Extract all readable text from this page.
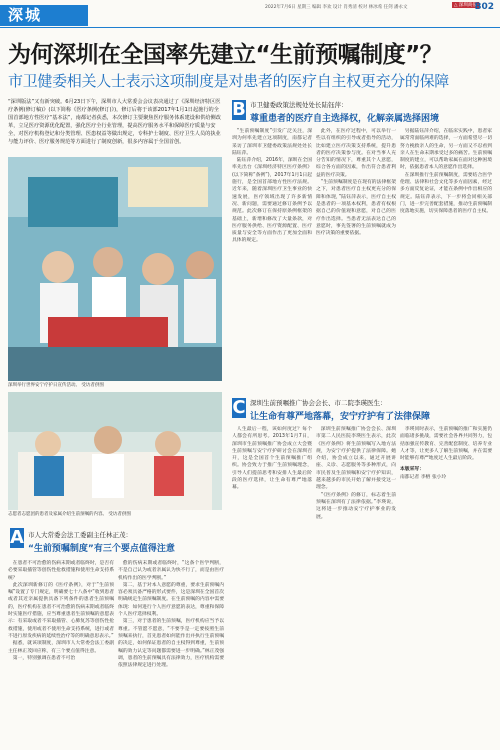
深城	2022年7月6日 星期三 编辑 李欢 设计 肖秀清 校对 林冰希 任剑 潘永文	△ 深圳商报
B02
为何深圳在全国率先建立“生前预嘱制度”？
市卫健委相关人士表示这项制度是对患者的医疗自主权更充分的保障
“深圳版法”又有新突破。6月23日下午，深圳市人大常委会会议表决通过了《深圳经济特区医疗条例(修订稿)》(以下简称《医疗条例(修订)》)，修订后将于该部2017年1月1日起施行的全国首部地方性医疗“基本法”，南都记者获悉，本次修订主要聚焦医疗服务体系建设和供给侧改革，立足医疗资源优化配置，强化医疗全行业管理，提高医疗服务水平和保障医疗质量与安全，对医疗机构登记和分类管理、医患权益等做出规定，专科护士制度、医疗卫生人员的执业与能力评价、医疗服务规范等方面进行了制度创新，很多内容属于全国首创。
深圳举行世界安宁疗护日宣传活动。 受访者供图
志愿者志愿团的患者及家属介绍生前预嘱的内容。 受访者供图
A 市人大常委会法工委副主任林正茂：
“生前预嘱制度”有三个要点值得注意

在患者不可治愈的伤病末期或者临终时，是否有必要采取插管等创伤性抢救措施和使用生命支持系统？

此次深圳新修订的《医疗条例》，对于“生前预嘱”设置了专门规定，明确要七十八条中“收到患者或者其近亲属提供具备下列条件的患者生前预嘱的，医疗机构在患者不可治愈的伤病末期或者临终时实施医疗措施，应当尊重患者生前预嘱的意愿表示：有采取或者不采取插管、心肺复苏等创伤性抢救措施，使用或者不使用生命支持系统，进行或者不进行原发疾病的延续性治疗等的明确意思表示。”

据悉，就该项制度，深圳市人大常委会法工委副主任林正茂回应称，有三个要点值得注意。

第一，特别强调在患者不可治

愈的伤病末期或者临终时，“这条个医学判断，不是自己认为或者亲属认为快不行了，而是由医疗机构作出的医学判断。”

第二，基于对本人意愿的尊重，要求生前预嘱内容必须具备严格的形式要件，这是深圳在全国首次明确规定生前预嘱制度。在生前预嘱的内容中需要体现：如何进行个人医疗意愿的表达，尊重和保障个人医疗选择权利。

第三，对于患者的生前预嘱，医疗机构应当予以尊重。不管愿不愿意，“不要乎是一定要按照生前预嘱来执行，首先患者如何能作出并执行生前预嘱的决定，如何保证患者的自主权得到尊重，生前预嘱的效力认定等问题都需要进一步明确。”林正茂强调，患者的生前预嘱具有法律效力，医疗机构需要依照法律规定进行处理。

B 市卫健委政策法规处处长陆钰萍：
尊重患者的医疗自主选择权，化解亲属选择困境

“生前预嘱制度”引发广泛关注，深圳为何率先建立这项制度，南都记者采访了深圳市卫健委政策法规处处长陆钰萍。

陆钰萍介绍，2016年，深圳在全国率先出台《深圳经济特区医疗条例》(以下简称“条例”)，2017年1月1日起施行，是全国首部地方性医疗法规。近年来，随着深圳医疗卫生事业的快速发展，医疗领域出现了许多新情况、新问题，需要通过修订条例予以规范。此次修订在保持原条例框架的基础上，新增和修改了大量条款，对医疗服务供给、医疗资源配置、医疗质量与安全等方面作出了更加全面和具体的规定。

此外，在医疗过程中，可以举行一些以有组织的引导或者指导的活动，比如建立医疗决策支持系统，提升患者的医疗决策参与度。在对当事人充分告知的情况下，尊重其个人意愿，综合各方面的因素，作出符合患者利益的医疗决策。

“生前预嘱制度是在现有的法律框架之下，对患者医疗自主权更充分的保障和体现，”陆钰萍表示，医疗自主权是患者的一项基本权利，患者有权根据自己的价值观和意愿，对自己的医疗作出选择。当患者无法表达自己的意愿时，事先签署的生前预嘱就成为医疗决策的重要依据。

另据陆钰萍介绍，在临床实践中，患者家属常常面临两难的选择，一方面希望尽一切努力挽救亲人的生命，另一方面又不忍看到亲人在生命末期承受过多的痛苦。生前预嘱制度的建立，可以帮助家属在面对这种困境时，依据患者本人的意愿作出选择。

在深圳推行生前预嘱制度，需要结合医学伦理、法律和社会文化等多方面因素，经过多方面反复论证，才能在条例中作出相应的规定。陆钰萍表示，下一步将会同相关部门，进一步完善配套措施，推动生前预嘱制度落地实施，切实保障患者的医疗自主权。

C 深圳生前预嘱推广协会会长、市二院李瑛医生：
让生命有尊严地落幕，安宁疗护有了法律保障

人生最后一程，该如何度过？每个人都会有所思考。2013年1月7日，深圳市生前预嘱推广协会成立大会暨生前预嘱与安宁疗护研讨会在深圳召开，这是全国首个生前预嘱推广组织。协会致力于推广生前预嘱理念，引导人们提前思考和安排人生最后阶段的医疗选择，让生命有尊严地落幕。

深圳生前预嘱推广协会会长、深圳市第二人民医院李瑛医生表示，此次《医疗条例》将生前预嘱写入地方法规，为安宁疗护提供了法律保障。她介绍，协会成立以来，通过开展讲座、义诊、志愿服务等多种形式，向市民普及生前预嘱和安宁疗护知识，越来越多的市民开始了解并接受这一理念。

“《医疗条例》的修订，标志着生前预嘱在深圳有了法律依据。”李瑛说，这将进一步推动安宁疗护事业的发展。

李瑛同时表示，生前预嘱的推广和实施仍面临诸多挑战，需要社会各界共同努力，包括加强宣传教育、完善配套制度、培养专业人才等，让更多人了解生前预嘱，并在需要时能够有尊严地度过人生最后阶段。

本版采写：
南都记者 李榕 张小玲
